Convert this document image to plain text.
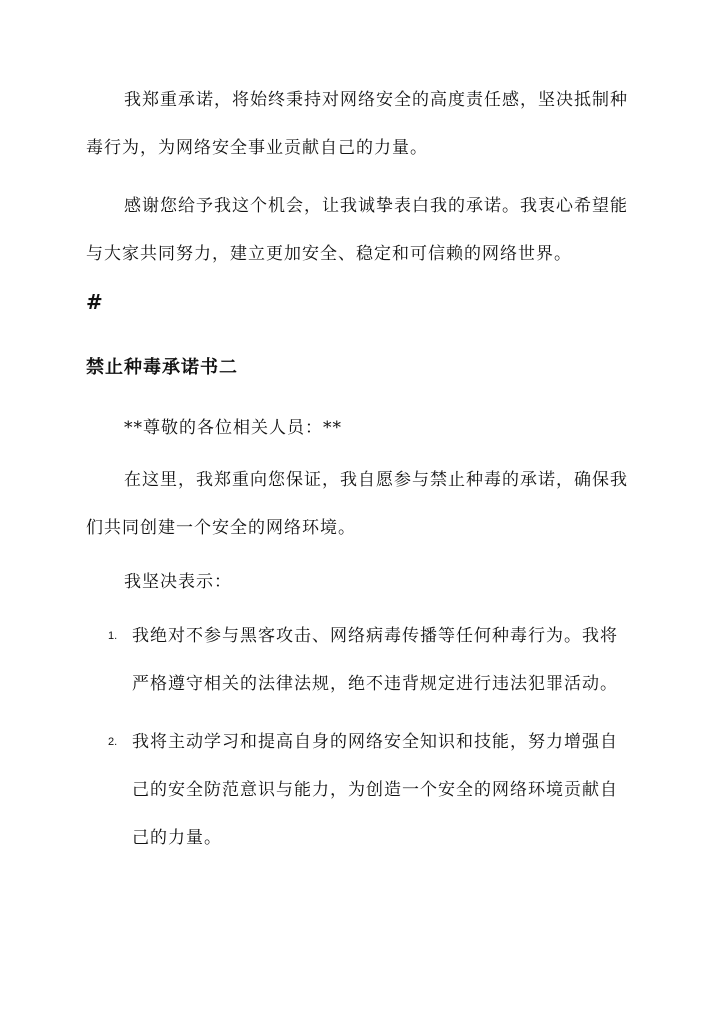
我郑重承诺，将始终秉持对网络安全的高度责任感，坚决抵制种毒行为，为网络安全事业贡献自己的力量。

感谢您给予我这个机会，让我诚挚表白我的承诺。我衷心希望能与大家共同努力，建立更加安全、稳定和可信赖的网络世界。

#
禁止种毒承诺书二
**尊敬的各位相关人员：**

在这里，我郑重向您保证，我自愿参与禁止种毒的承诺，确保我们共同创建一个安全的网络环境。

我坚决表示：
1. 我绝对不参与黑客攻击、网络病毒传播等任何种毒行为。我将严格遵守相关的法律法规，绝不违背规定进行违法犯罪活动。
2. 我将主动学习和提高自身的网络安全知识和技能，努力增强自己的安全防范意识与能力，为创造一个安全的网络环境贡献自己的力量。
